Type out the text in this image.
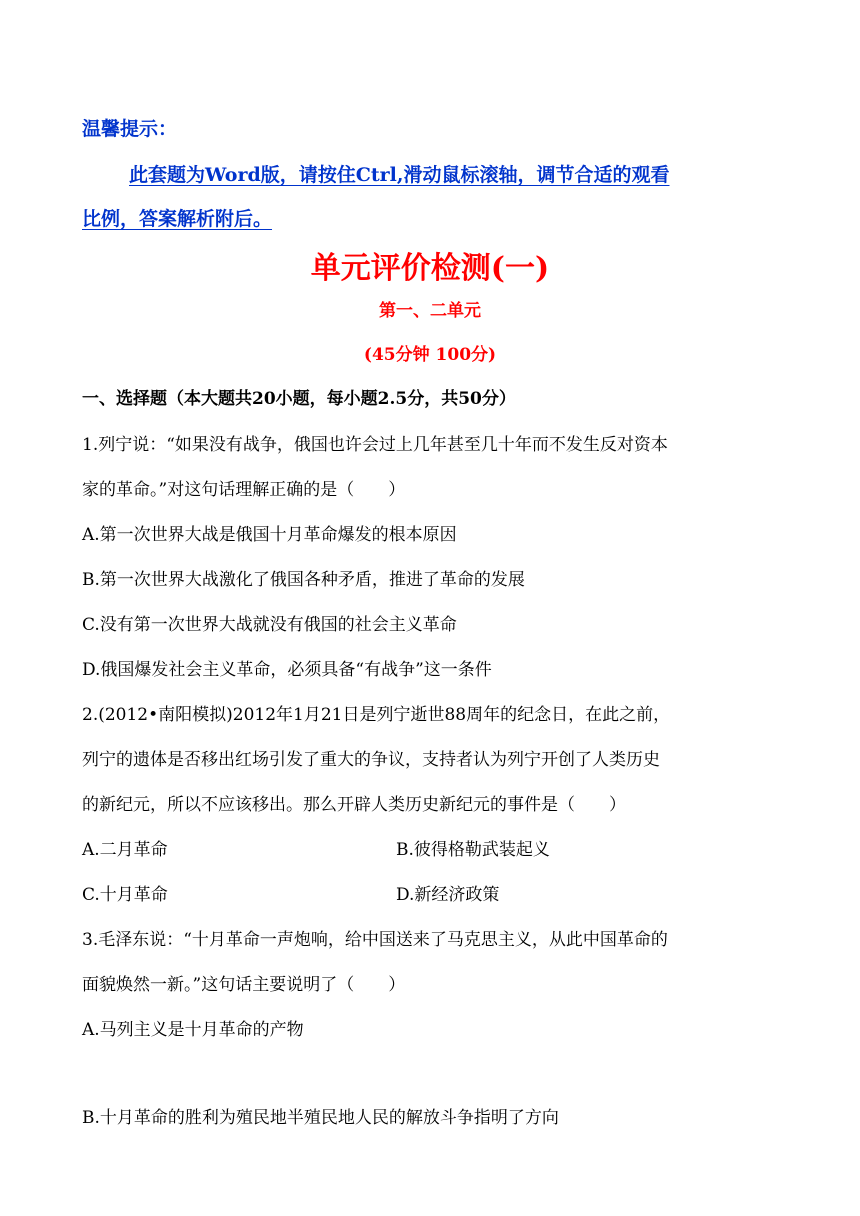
温馨提示：
此套题为Word版，请按住Ctrl,滑动鼠标滚轴，调节合适的观看
比例，答案解析附后。
单元评价检测(一)
第一、二单元
(45分钟 100分)
一、选择题（本大题共20小题，每小题2.5分，共50分）
1.列宁说：“如果没有战争，俄国也许会过上几年甚至几十年而不发生反对资本
家的革命。”对这句话理解正确的是（　　）
A.第一次世界大战是俄国十月革命爆发的根本原因
B.第一次世界大战激化了俄国各种矛盾，推进了革命的发展
C.没有第一次世界大战就没有俄国的社会主义革命
D.俄国爆发社会主义革命，必须具备“有战争”这一条件
2.(2012•南阳模拟)2012年1月21日是列宁逝世88周年的纪念日，在此之前，
列宁的遗体是否移出红场引发了重大的争议，支持者认为列宁开创了人类历史
的新纪元，所以不应该移出。那么开辟人类历史新纪元的事件是（　　）
A.二月革命	B.彼得格勒武装起义
C.十月革命	D.新经济政策
3.毛泽东说：“十月革命一声炮响，给中国送来了马克思主义，从此中国革命的
面貌焕然一新。”这句话主要说明了（　　）
A.马列主义是十月革命的产物
B.十月革命的胜利为殖民地半殖民地人民的解放斗争指明了方向
